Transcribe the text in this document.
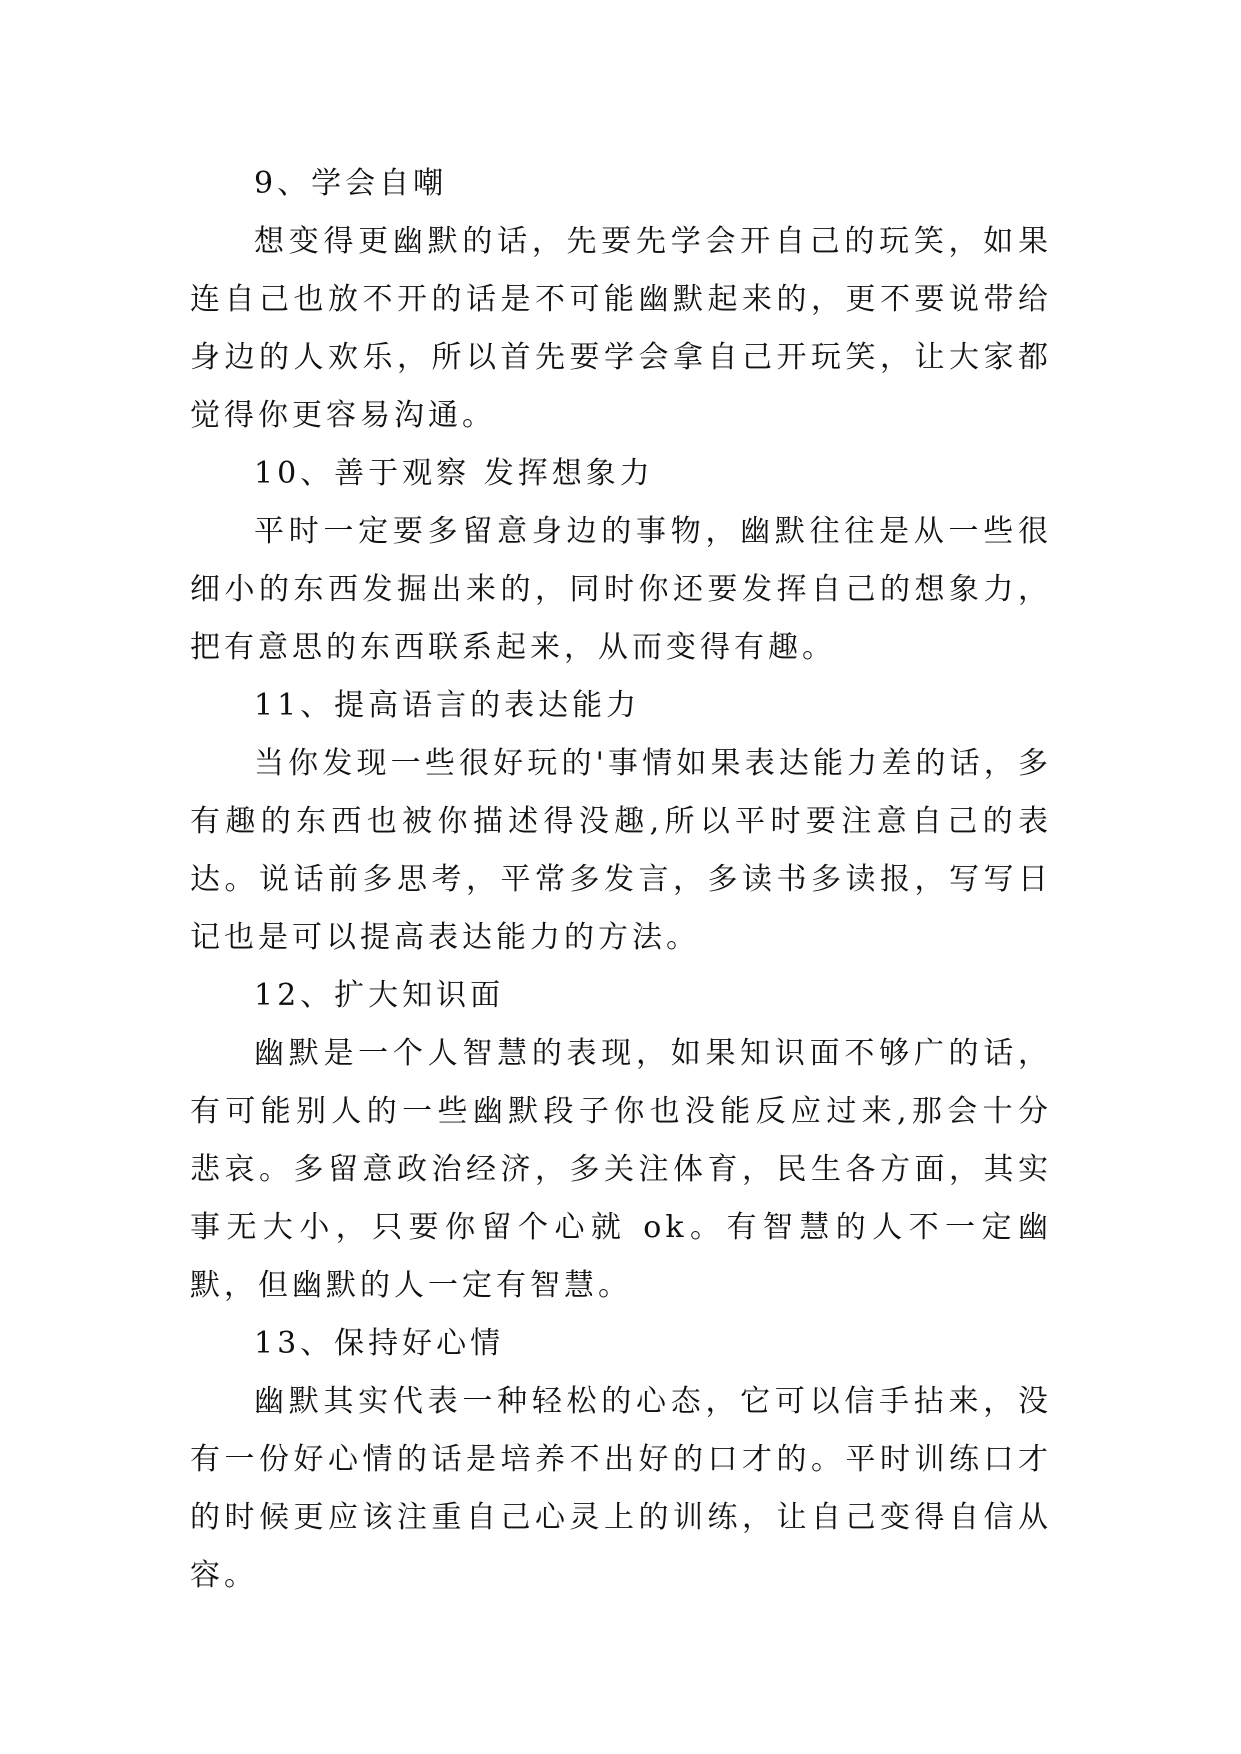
9、学会自嘲

想变得更幽默的话，先要先学会开自己的玩笑，如果连自己也放不开的话是不可能幽默起来的，更不要说带给身边的人欢乐，所以首先要学会拿自己开玩笑，让大家都觉得你更容易沟通。

10、善于观察 发挥想象力

平时一定要多留意身边的事物，幽默往往是从一些很细小的东西发掘出来的，同时你还要发挥自己的想象力，把有意思的东西联系起来，从而变得有趣。

11、提高语言的表达能力

当你发现一些很好玩的'事情如果表达能力差的话，多有趣的东西也被你描述得没趣,所以平时要注意自己的表达。说话前多思考，平常多发言，多读书多读报，写写日记也是可以提高表达能力的方法。

12、扩大知识面

幽默是一个人智慧的表现，如果知识面不够广的话，有可能别人的一些幽默段子你也没能反应过来,那会十分悲哀。多留意政治经济，多关注体育，民生各方面，其实事无大小，只要你留个心就 ok。有智慧的人不一定幽默，但幽默的人一定有智慧。

13、保持好心情

幽默其实代表一种轻松的心态，它可以信手拈来，没有一份好心情的话是培养不出好的口才的。平时训练口才的时候更应该注重自己心灵上的训练，让自己变得自信从容。
